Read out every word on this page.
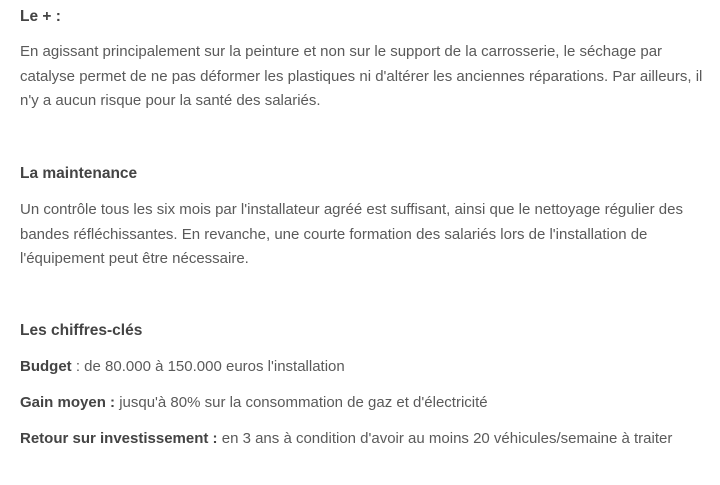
Le + :

En agissant principalement sur la peinture et non sur le support de la carrosserie, le séchage par catalyse permet de ne pas déformer les plastiques ni d'altérer les anciennes réparations. Par ailleurs, il n'y a aucun risque pour la santé des salariés.

La maintenance

Un contrôle tous les six mois par l'installateur agréé est suffisant, ainsi que le nettoyage régulier des bandes réfléchissantes. En revanche, une courte formation des salariés lors de l'installation de l'équipement peut être nécessaire.

Les chiffres-clés

Budget : de 80.000 à 150.000 euros l'installation

Gain moyen : jusqu'à 80% sur la consommation de gaz et d'électricité

Retour sur investissement : en 3 ans à condition d'avoir au moins 20 véhicules/semaine à traiter
